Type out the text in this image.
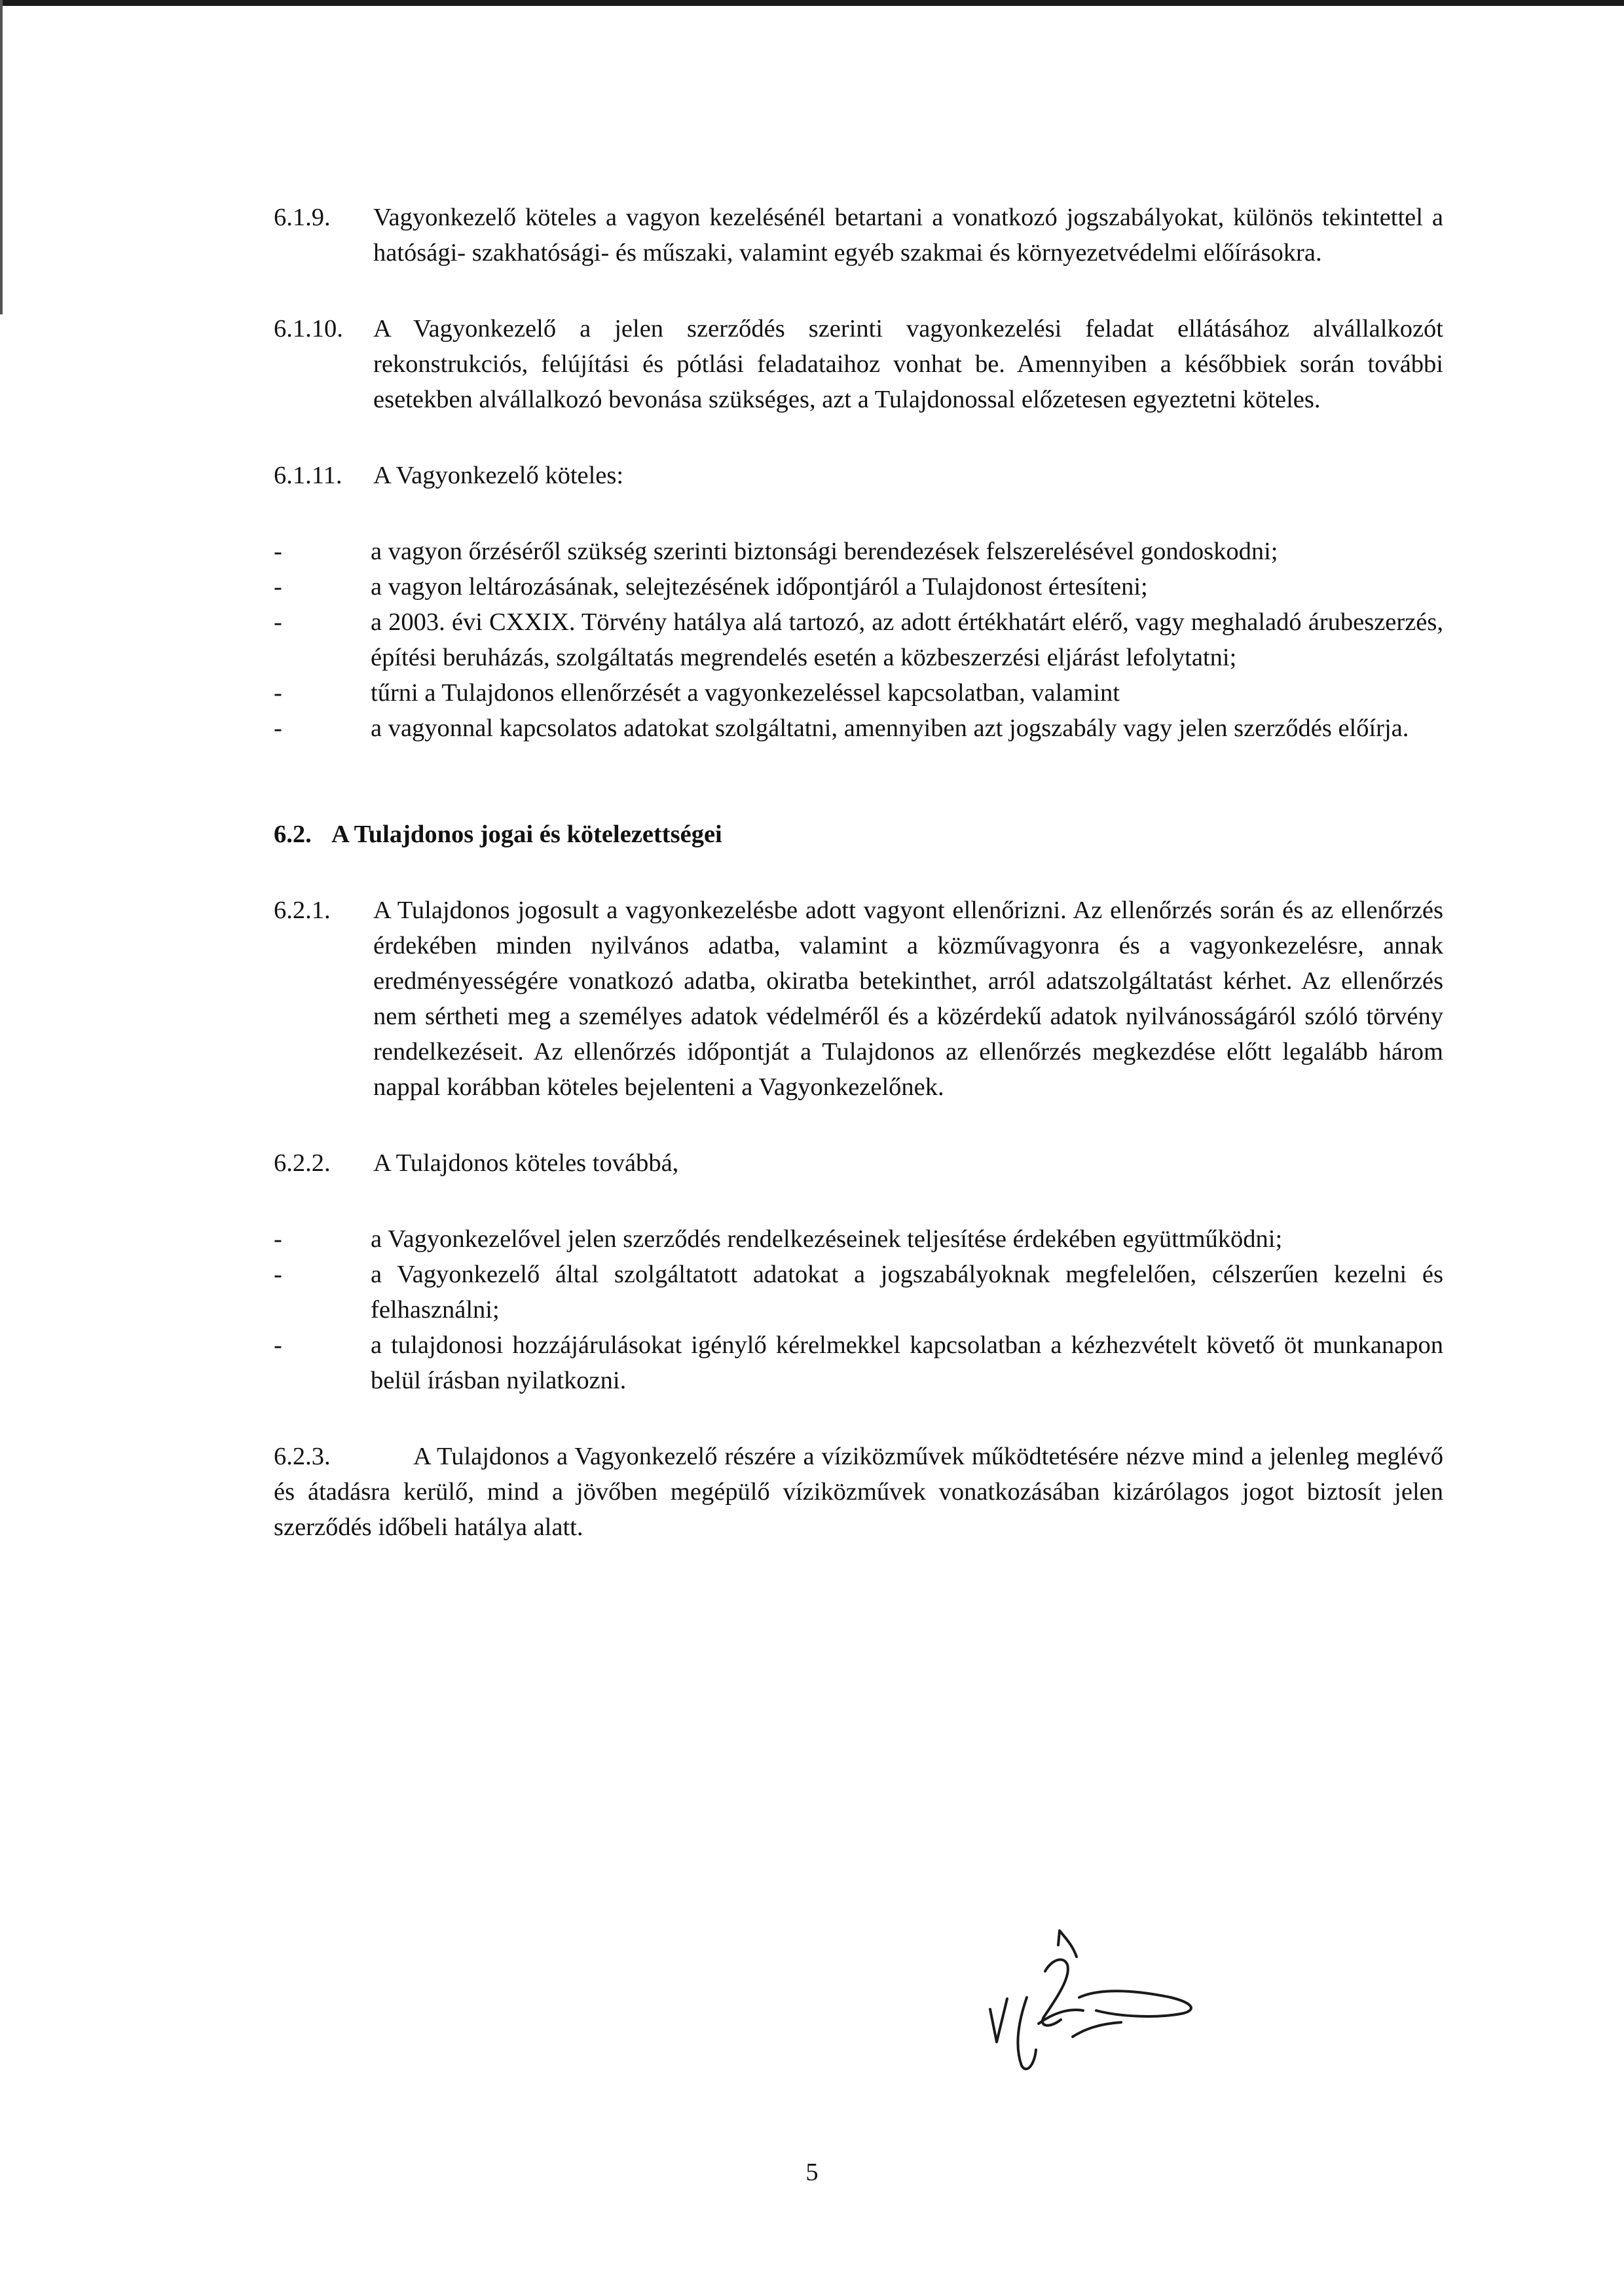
6.1.9.	Vagyonkezelő köteles a vagyon kezelésénél betartani a vonatkozó jogszabályokat, különös tekintettel a hatósági- szakhatósági- és műszaki, valamint egyéb szakmai és környezetvédelmi előírásokra.
6.1.10.	A Vagyonkezelő a jelen szerződés szerinti vagyonkezelési feladat ellátásához alvállalkozót rekonstrukciós, felújítási és pótlási feladataihoz vonhat be. Amennyiben a későbbiek során további esetekben alvállalkozó bevonása szükséges, azt a Tulajdonossal előzetesen egyeztetni köteles.
6.1.11.	A Vagyonkezelő köteles:
-	a vagyon őrzéséről szükség szerinti biztonsági berendezések felszerelésével gondoskodni;
-	a vagyon leltározásának, selejtezésének időpontjáról a Tulajdonost értesíteni;
-	a 2003. évi CXXIX. Törvény hatálya alá tartozó, az adott értékhatárt elérő, vagy meghaladó árubeszerzés, építési beruházás, szolgáltatás megrendelés esetén a közbeszerzési eljárást lefolytatni;
-	tűrni a Tulajdonos ellenőrzését a vagyonkezeléssel kapcsolatban, valamint
-	a vagyonnal kapcsolatos adatokat szolgáltatni, amennyiben azt jogszabály vagy jelen szerződés előírja.
6.2. A Tulajdonos jogai és kötelezettségei
6.2.1.	A Tulajdonos jogosult a vagyonkezelésbe adott vagyont ellenőrizni. Az ellenőrzés során és az ellenőrzés érdekében minden nyilvános adatba, valamint a közművagyonra és a vagyonkezelésre, annak eredményességére vonatkozó adatba, okiratba betekinthet, arról adatszolgáltatást kérhet. Az ellenőrzés nem sértheti meg a személyes adatok védelméről és a közérdekű adatok nyilvánosságáról szóló törvény rendelkezéseit. Az ellenőrzés időpontját a Tulajdonos az ellenőrzés megkezdése előtt legalább három nappal korábban köteles bejelenteni a Vagyonkezelőnek.
6.2.2.	A Tulajdonos köteles továbbá,
-	a Vagyonkezelővel jelen szerződés rendelkezéseinek teljesítése érdekében együttműködni;
-	a Vagyonkezelő által szolgáltatott adatokat a jogszabályoknak megfelelően, célszerűen kezelni és felhasználni;
-	a tulajdonosi hozzájárulásokat igénylő kérelmekkel kapcsolatban a kézhezvételt követő öt munkanapon belül írásban nyilatkozni.

6.2.3.	A Tulajdonos a Vagyonkezelő részére a víziközművek működtetésére nézve mind a jelenleg meglévő és átadásra kerülő, mind a jövőben megépülő víziközművek vonatkozásában kizárólagos jogot biztosít jelen szerződés időbeli hatálya alatt.

5
